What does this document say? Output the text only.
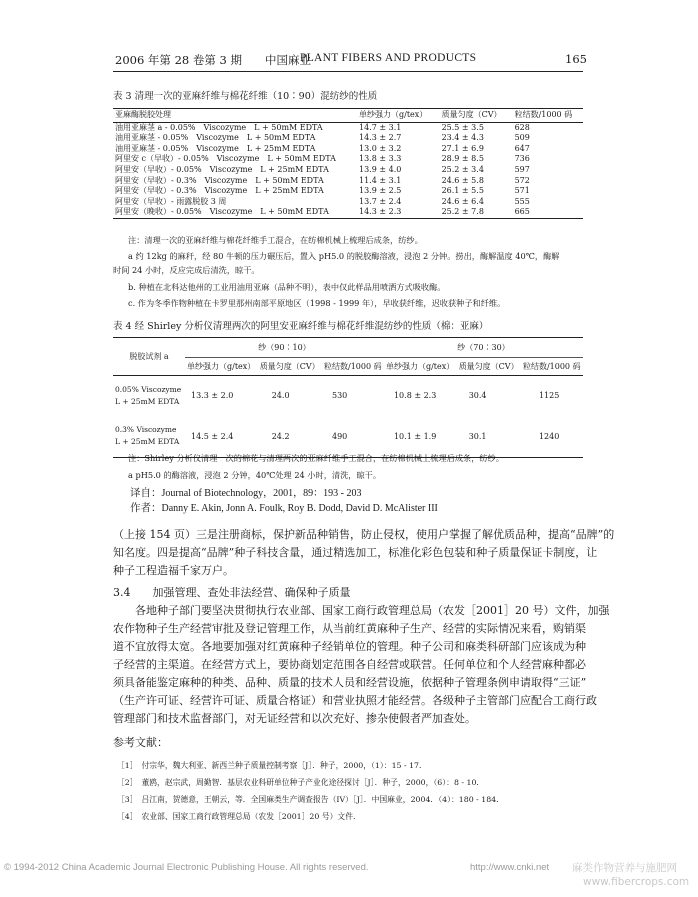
2006 年第 28 卷第 3 期　　中国麻业
PLANT FIBERS AND PRODUCTS	165
表 3 清理一次的亚麻纤维与棉花纤维（10∶90）混纺纱的性质
亚麻酶脱胶处理	单纱强力（g/tex）	质量匀度（CV）	粒结数/1000 码
油用亚麻茎 a - 0.05%　Viscozyme　L + 50mM EDTA	14.7 ± 3.1	25.5 ± 3.5	628
油用亚麻茎 - 0.05%　Viscozyme　L + 50mM EDTA	14.3 ± 2.7	23.4 ± 4.3	509
油用亚麻茎 - 0.05%　Viscozyme　L + 25mM EDTA	13.0 ± 3.2	27.1 ± 6.9	647
阿里安 c（早收）- 0.05%　Viscozyme　L + 50mM EDTA	13.8 ± 3.3	28.9 ± 8.5	736
阿里安（早收）- 0.05%　Viscozyme　L + 25mM EDTA	13.9 ± 4.0	25.2 ± 3.4	597
阿里安（早收）- 0.3%　Viscozyme　L + 50mM EDTA	11.4 ± 3.1	24.6 ± 5.8	572
阿里安（早收）- 0.3%　Viscozyme　L + 25mM EDTA	13.9 ± 2.5	26.1 ± 5.5	571
阿里安（早收）- 雨露脱胶 3 周	13.7 ± 2.4	24.6 ± 6.4	555
阿里安（晚收）- 0.05%　Viscozyme　L + 50mM EDTA	14.3 ± 2.3	25.2 ± 7.8	665
注：清理一次的亚麻纤维与棉花纤维手工混合，在纺棉机械上梳理后成条，纺纱。
a 约 12kg 的麻秆，经 80 牛顿的压力碾压后，置入 pH5.0 的脱胶酶溶液，浸泡 2 分钟。捞出，酶解温度 40℃，酶解
时间 24 小时，反应完成后清洗，晾干。
b. 种植在北科达他州的工业用油用亚麻（品种不明），表中仅此样品用喷洒方式吸收酶。
c. 作为冬季作物种植在卡罗里那州南部平原地区（1998 - 1999 年），早收获纤维，迟收获种子和纤维。
表 4 经 Shirley 分析仪清理两次的阿里安亚麻纤维与棉花纤维混纺纱的性质（棉：亚麻）
脱胶试剂 a	纱（90∶10）			纱（70∶30）		
	单纱强力（g/tex）	质量匀度（CV）	粒结数/1000 码	单纱强力（g/tex）	质量匀度（CV）	粒结数/1000 码

0.05% Viscozyme
L + 25mM EDTA	13.3 ± 2.0	24.0	530	10.8 ± 2.3	30.4	1125

0.3% Viscozyme
L + 25mM EDTA	14.5 ± 2.4	24.2	490	10.1 ± 1.9	30.1	1240
注：Shirley 分析仪清理一次的棉花与清理两次的亚麻纤维手工混合，在纺棉机械上梳理后成条，纺纱。
a pH5.0 的酶溶液，浸泡 2 分钟，40℃处理 24 小时，清洗，晾干。
译自：Journal of Biotechnology，2001，89：193 - 203
作者：Danny E. Akin, Jonn A. Foulk, Roy B. Dodd, David D. McAlister III
（上接 154 页）三是注册商标，保护新品种销售，防止侵权，使用户掌握了解优质品种，提高“品牌”的
知名度。四是提高“品牌”种子科技含量，通过精选加工，标准化彩色包装和种子质量保证卡制度，让
种子工程造福千家万户。
3.4　　加强管理、查处非法经营、确保种子质量
各地种子部门要坚决贯彻执行农业部、国家工商行政管理总局（农发［2001］20 号）文件，加强
农作物种子生产经营审批及登记管理工作，从当前红黄麻种子生产、经营的实际情况来看，购销渠
道不宜放得太宽。各地要加强对红黄麻种子经销单位的管理。种子公司和麻类科研部门应该成为种
子经营的主渠道。在经营方式上，要协商划定范围各自经营或联营。任何单位和个人经营麻种都必
须具备能鉴定麻种的种类、品种、质量的技术人员和经营设施，依据种子管理条例申请取得“三证”
（生产许可证、经营许可证、质量合格证）和营业执照才能经营。各级种子主管部门应配合工商行政
管理部门和技术监督部门，对无证经营和以次充好、掺杂使假者严加查处。
参考文献：
［1］　付宗华，魏大利亚、新西兰种子质量控制考察［J］．种子，2000，（1）：15 - 17．
［2］　董鸥，赵宗武，周勤智．基层农业科研单位种子产业化途径探讨［J］．种子，2000，（6）：8 - 10．
［3］　吕江南，贺德意，王朝云，等．全国麻类生产调查报告（IV）［J］．中国麻业，2004．（4）：180 - 184．
［4］　农业部、国家工商行政管理总局（农发［2001］20 号）文件．
© 1994-2012 China Academic Journal Electronic Publishing House. All rights reserved.	http://www.cnki.net 麻类作物营养与施肥网
www.fibercrops.com
